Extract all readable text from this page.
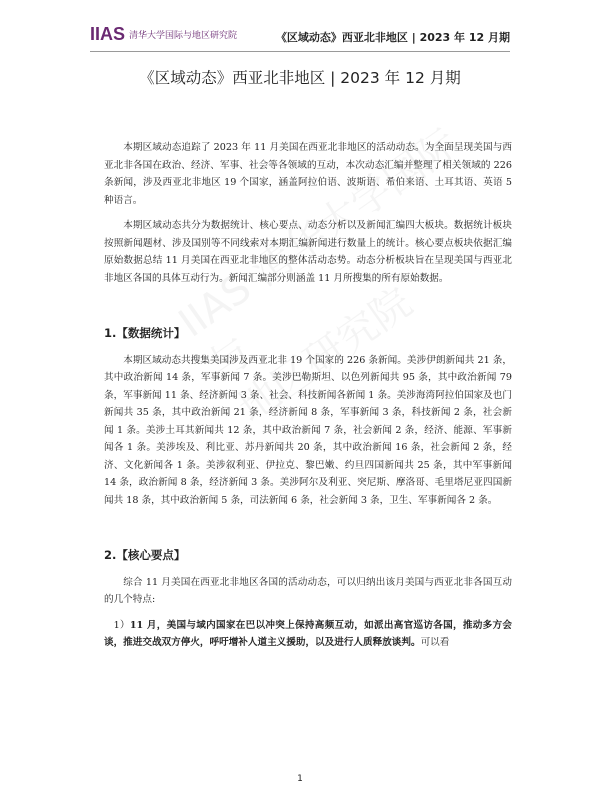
IIAS 清华大学国际与地区研究院	《区域动态》西亚北非地区 | 2023 年 12 月期
《区域动态》西亚北非地区 | 2023 年 12 月期

本期区域动态追踪了 2023 年 11 月美国在西亚北非地区的活动动态。为全面呈现美国与西亚北非各国在政治、经济、军事、社会等各领域的互动，本次动态汇编并整理了相关领域的 226 条新闻，涉及西亚北非地区 19 个国家，涵盖阿拉伯语、波斯语、希伯来语、土耳其语、英语 5 种语言。

本期区域动态共分为数据统计、核心要点、动态分析以及新闻汇编四大板块。数据统计板块按照新闻题材、涉及国别等不同线索对本期汇编新闻进行数量上的统计。核心要点板块依据汇编原始数据总结 11 月美国在西亚北非地区的整体活动态势。动态分析板块旨在呈现美国与西亚北非地区各国的具体互动行为。新闻汇编部分则涵盖 11 月所搜集的所有原始数据。

1.【数据统计】

本期区域动态共搜集美国涉及西亚北非 19 个国家的 226 条新闻。美涉伊朗新闻共 21 条，其中政治新闻 14 条，军事新闻 7 条。美涉巴勒斯坦、以色列新闻共 95 条，其中政治新闻 79 条，军事新闻 11 条、经济新闻 3 条、社会、科技新闻各新闻 1 条。美涉海湾阿拉伯国家及也门新闻共 35 条，其中政治新闻 21 条，经济新闻 8 条，军事新闻 3 条，科技新闻 2 条，社会新闻 1 条。美涉土耳其新闻共 12 条，其中政治新闻 7 条，社会新闻 2 条，经济、能源、军事新闻各 1 条。美涉埃及、利比亚、苏丹新闻共 20 条，其中政治新闻 16 条，社会新闻 2 条，经济、文化新闻各 1 条。美涉叙利亚、伊拉克、黎巴嫩、约旦四国新闻共 25 条，其中军事新闻 14 条，政治新闻 8 条，经济新闻 3 条。美涉阿尔及利亚、突尼斯、摩洛哥、毛里塔尼亚四国新闻共 18 条，其中政治新闻 5 条，司法新闻 6 条，社会新闻 3 条，卫生、军事新闻各 2 条。

2.【核心要点】

综合 11 月美国在西亚北非地区各国的活动动态，可以归纳出该月美国与西亚北非各国互动的几个特点:

1）11 月，美国与域内国家在巴以冲突上保持高频互动，如派出高官巡访各国，推动多方会谈，推进交战双方停火，呼吁增补人道主义援助，以及进行人质释放谈判。可以看

1
